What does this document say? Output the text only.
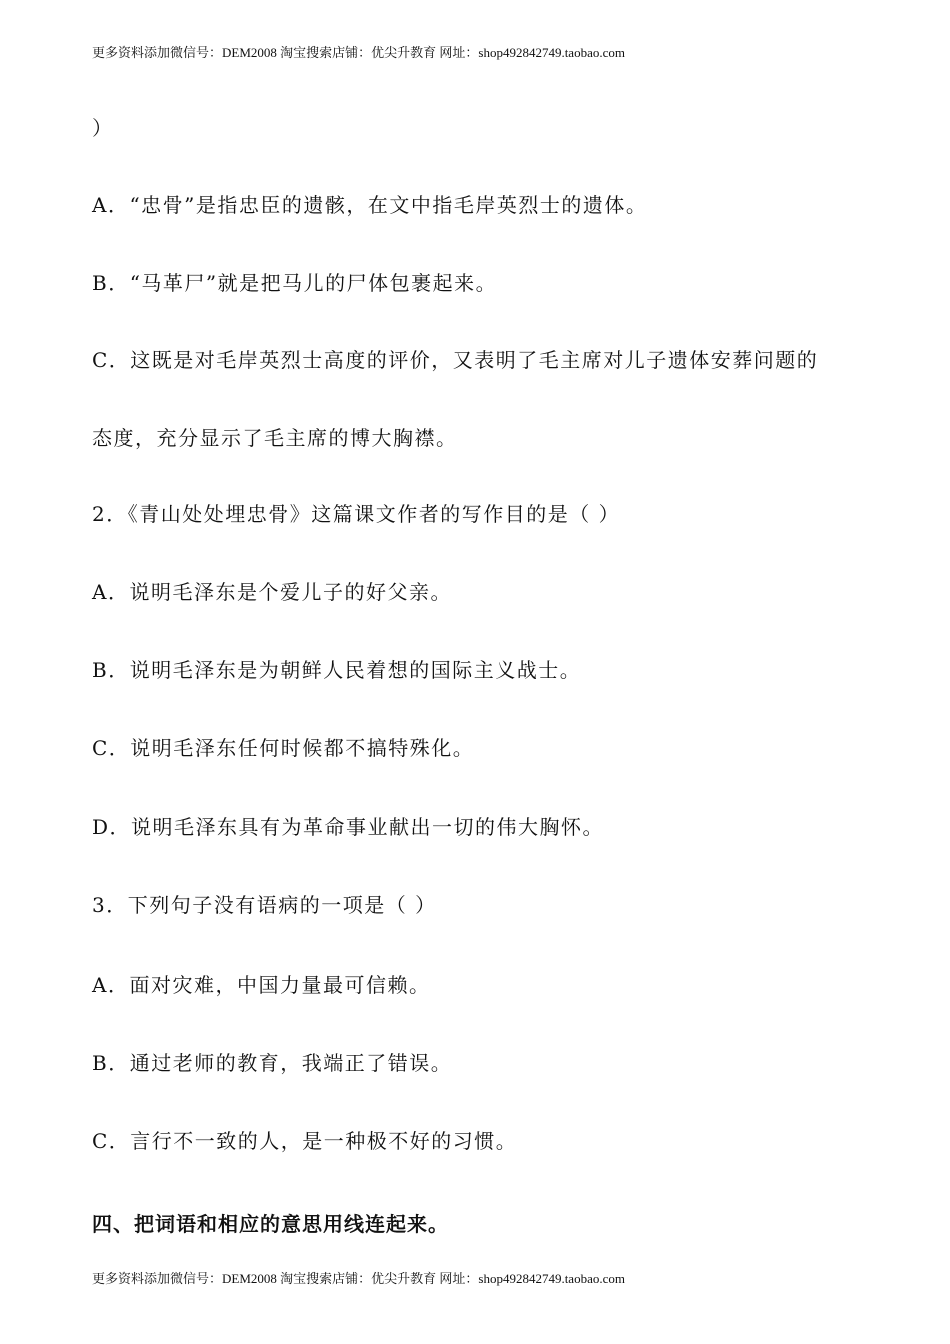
更多资料添加微信号：DEM2008 淘宝搜索店铺：优尖升教育 网址：shop492842749.taobao.com
）
A．“忠骨”是指忠臣的遗骸，在文中指毛岸英烈士的遗体。
B．“马革尸”就是把马儿的尸体包裹起来。
C．这既是对毛岸英烈士高度的评价，又表明了毛主席对儿子遗体安葬问题的
态度，充分显示了毛主席的博大胸襟。
2．《青山处处埋忠骨》这篇课文作者的写作目的是（ ）
A．说明毛泽东是个爱儿子的好父亲。
B．说明毛泽东是为朝鲜人民着想的国际主义战士。
C．说明毛泽东任何时候都不搞特殊化。
D．说明毛泽东具有为革命事业献出一切的伟大胸怀。
3．下列句子没有语病的一项是（ ）
A．面对灾难，中国力量最可信赖。
B．通过老师的教育，我端正了错误。
C．言行不一致的人，是一种极不好的习惯。
四、把词语和相应的意思用线连起来。
更多资料添加微信号：DEM2008 淘宝搜索店铺：优尖升教育 网址：shop492842749.taobao.com
